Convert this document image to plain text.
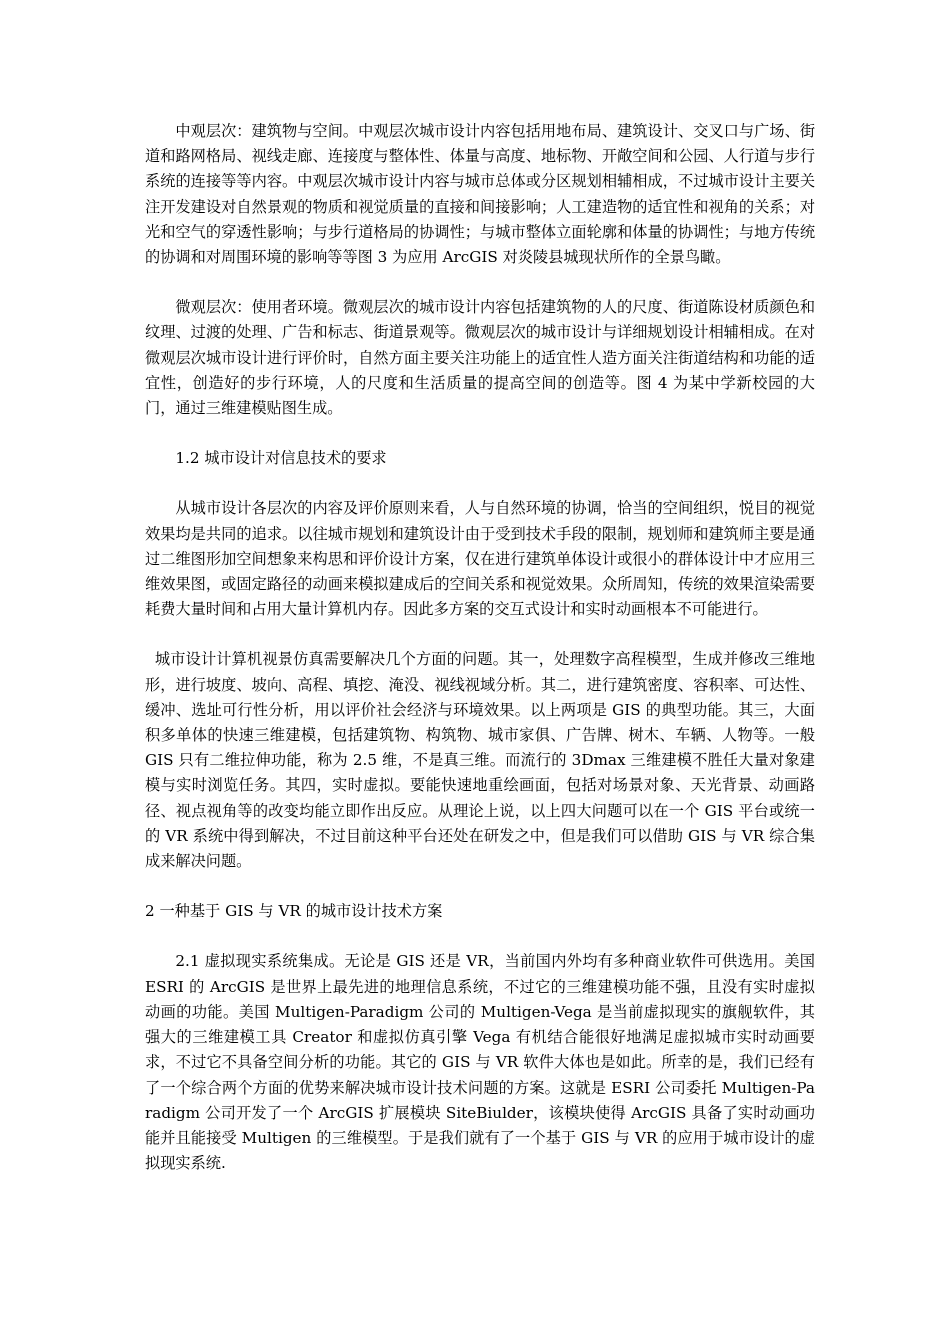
中观层次：建筑物与空间。中观层次城市设计内容包括用地布局、建筑设计、交叉口与广场、街道和路网格局、视线走廊、连接度与整体性、体量与高度、地标物、开敞空间和公园、人行道与步行系统的连接等等内容。中观层次城市设计内容与城市总体或分区规划相辅相成，不过城市设计主要关注开发建设对自然景观的物质和视觉质量的直接和间接影响；人工建造物的适宜性和视角的关系；对光和空气的穿透性影响；与步行道格局的协调性；与城市整体立面轮廓和体量的协调性；与地方传统的协调和对周围环境的影响等等图 3 为应用 ArcGIS 对炎陵县城现状所作的全景鸟瞰。

微观层次：使用者环境。微观层次的城市设计内容包括建筑物的人的尺度、街道陈设材质颜色和纹理、过渡的处理、广告和标志、街道景观等。微观层次的城市设计与详细规划设计相辅相成。在对微观层次城市设计进行评价时，自然方面主要关注功能上的适宜性人造方面关注街道结构和功能的适宜性，创造好的步行环境，人的尺度和生活质量的提高空间的创造等。图 4 为某中学新校园的大门，通过三维建模贴图生成。

1.2 城市设计对信息技术的要求

从城市设计各层次的内容及评价原则来看，人与自然环境的协调，恰当的空间组织，悦目的视觉效果均是共同的追求。以往城市规划和建筑设计由于受到技术手段的限制，规划师和建筑师主要是通过二维图形加空间想象来构思和评价设计方案，仅在进行建筑单体设计或很小的群体设计中才应用三维效果图，或固定路径的动画来模拟建成后的空间关系和视觉效果。众所周知，传统的效果渲染需要耗费大量时间和占用大量计算机内存。因此多方案的交互式设计和实时动画根本不可能进行。

城市设计计算机视景仿真需要解决几个方面的问题。其一，处理数字高程模型，生成并修改三维地形，进行坡度、坡向、高程、填挖、淹没、视线视域分析。其二，进行建筑密度、容积率、可达性、缓冲、选址可行性分析，用以评价社会经济与环境效果。以上两项是 GIS 的典型功能。其三，大面积多单体的快速三维建模，包括建筑物、构筑物、城市家俱、广告牌、树木、车辆、人物等。一般 GIS 只有二维拉伸功能，称为 2.5 维，不是真三维。而流行的 3Dmax 三维建模不胜任大量对象建模与实时浏览任务。其四，实时虚拟。要能快速地重绘画面，包括对场景对象、天光背景、动画路径、视点视角等的改变均能立即作出反应。从理论上说，以上四大问题可以在一个 GIS 平台或统一的 VR 系统中得到解决，不过目前这种平台还处在研发之中，但是我们可以借助 GIS 与 VR 综合集成来解决问题。

2 一种基于 GIS 与 VR 的城市设计技术方案

2.1 虚拟现实系统集成。无论是 GIS 还是 VR，当前国内外均有多种商业软件可供选用。美国 ESRI 的 ArcGIS 是世界上最先进的地理信息系统，不过它的三维建模功能不强，且没有实时虚拟动画的功能。美国 Multigen-Paradigm 公司的 Multigen-Vega 是当前虚拟现实的旗舰软件，其强大的三维建模工具 Creator 和虚拟仿真引擎 Vega 有机结合能很好地满足虚拟城市实时动画要求，不过它不具备空间分析的功能。其它的 GIS 与 VR 软件大体也是如此。所幸的是，我们已经有了一个综合两个方面的优势来解决城市设计技术问题的方案。这就是 ESRI 公司委托 Multigen-Paradigm 公司开发了一个 ArcGIS 扩展模块 SiteBiulder，该模块使得 ArcGIS 具备了实时动画功能并且能接受 Multigen 的三维模型。于是我们就有了一个基于 GIS 与 VR 的应用于城市设计的虚拟现实系统.
